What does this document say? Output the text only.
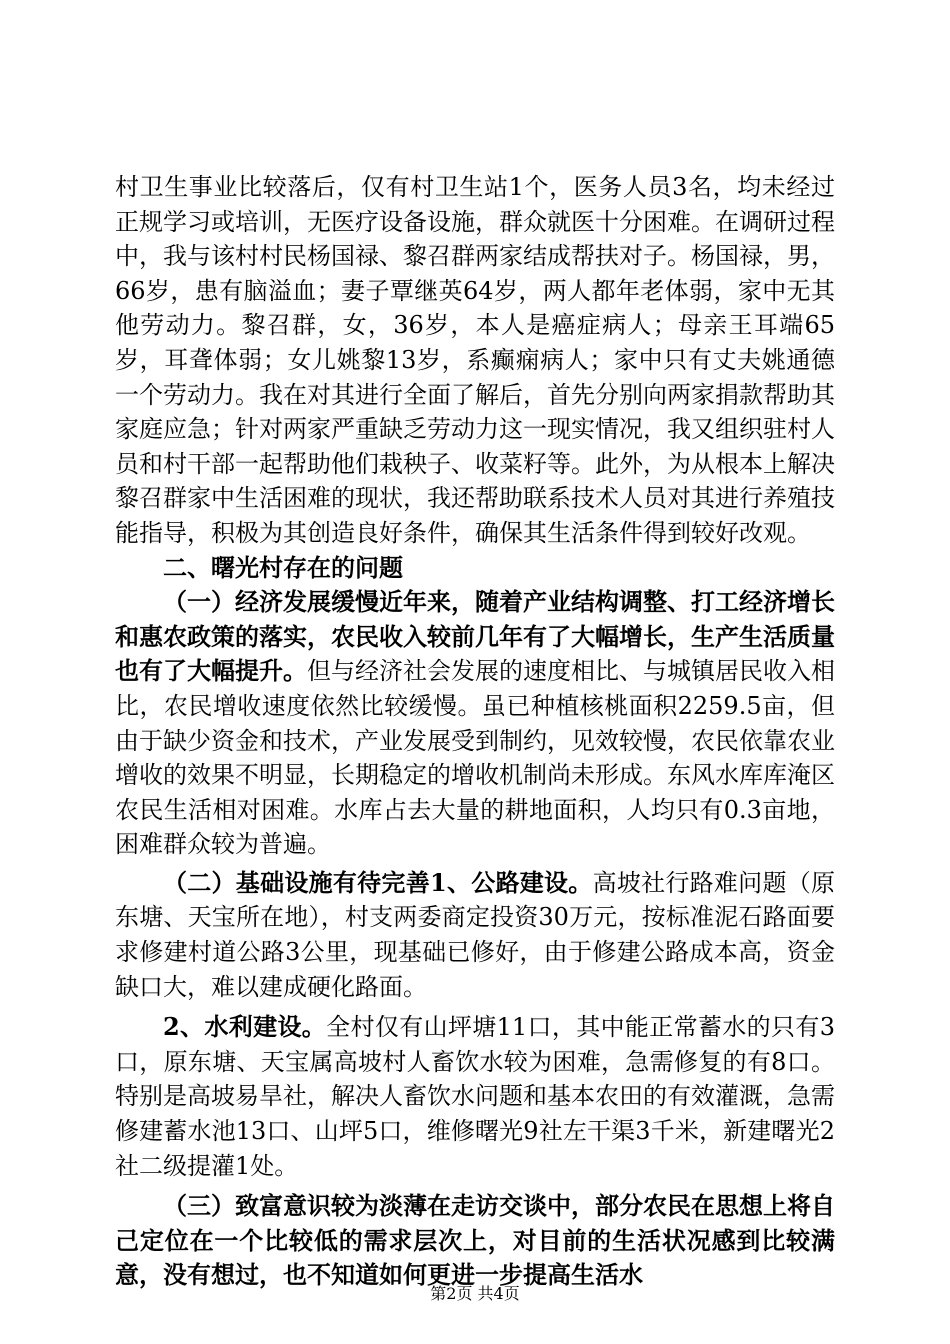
村卫生事业比较落后，仅有村卫生站1个，医务人员3名，均未经过正规学习或培训，无医疗设备设施，群众就医十分困难。在调研过程中，我与该村村民杨国禄、黎召群两家结成帮扶对子。杨国禄，男，66岁，患有脑溢血；妻子覃继英64岁，两人都年老体弱，家中无其他劳动力。黎召群，女，36岁，本人是癌症病人；母亲王耳端65岁，耳聋体弱；女儿姚黎13岁，系癫痫病人；家中只有丈夫姚通德一个劳动力。我在对其进行全面了解后，首先分别向两家捐款帮助其家庭应急；针对两家严重缺乏劳动力这一现实情况，我又组织驻村人员和村干部一起帮助他们栽秧子、收菜籽等。此外，为从根本上解决黎召群家中生活困难的现状，我还帮助联系技术人员对其进行养殖技能指导，积极为其创造良好条件，确保其生活条件得到较好改观。

二、曙光村存在的问题

（一）经济发展缓慢近年来，随着产业结构调整、打工经济增长和惠农政策的落实，农民收入较前几年有了大幅增长，生产生活质量也有了大幅提升。但与经济社会发展的速度相比、与城镇居民收入相比，农民增收速度依然比较缓慢。虽已种植核桃面积2259.5亩，但由于缺少资金和技术，产业发展受到制约，见效较慢，农民依靠农业增收的效果不明显，长期稳定的增收机制尚未形成。东风水库库淹区农民生活相对困难。水库占去大量的耕地面积，人均只有0.3亩地，困难群众较为普遍。

（二）基础设施有待完善1、公路建设。高坡社行路难问题（原东塘、天宝所在地），村支两委商定投资30万元，按标准泥石路面要求修建村道公路3公里，现基础已修好，由于修建公路成本高，资金缺口大，难以建成硬化路面。

2、水利建设。全村仅有山坪塘11口，其中能正常蓄水的只有3口，原东塘、天宝属高坡村人畜饮水较为困难，急需修复的有8口。特别是高坡易旱社，解决人畜饮水问题和基本农田的有效灌溉，急需修建蓄水池13口、山坪5口，维修曙光9社左干渠3千米，新建曙光2社二级提灌1处。

（三）致富意识较为淡薄在走访交谈中，部分农民在思想上将自己定位在一个比较低的需求层次上，对目前的生活状况感到比较满意，没有想过，也不知道如何更进一步提高生活水

第2页 共4页
